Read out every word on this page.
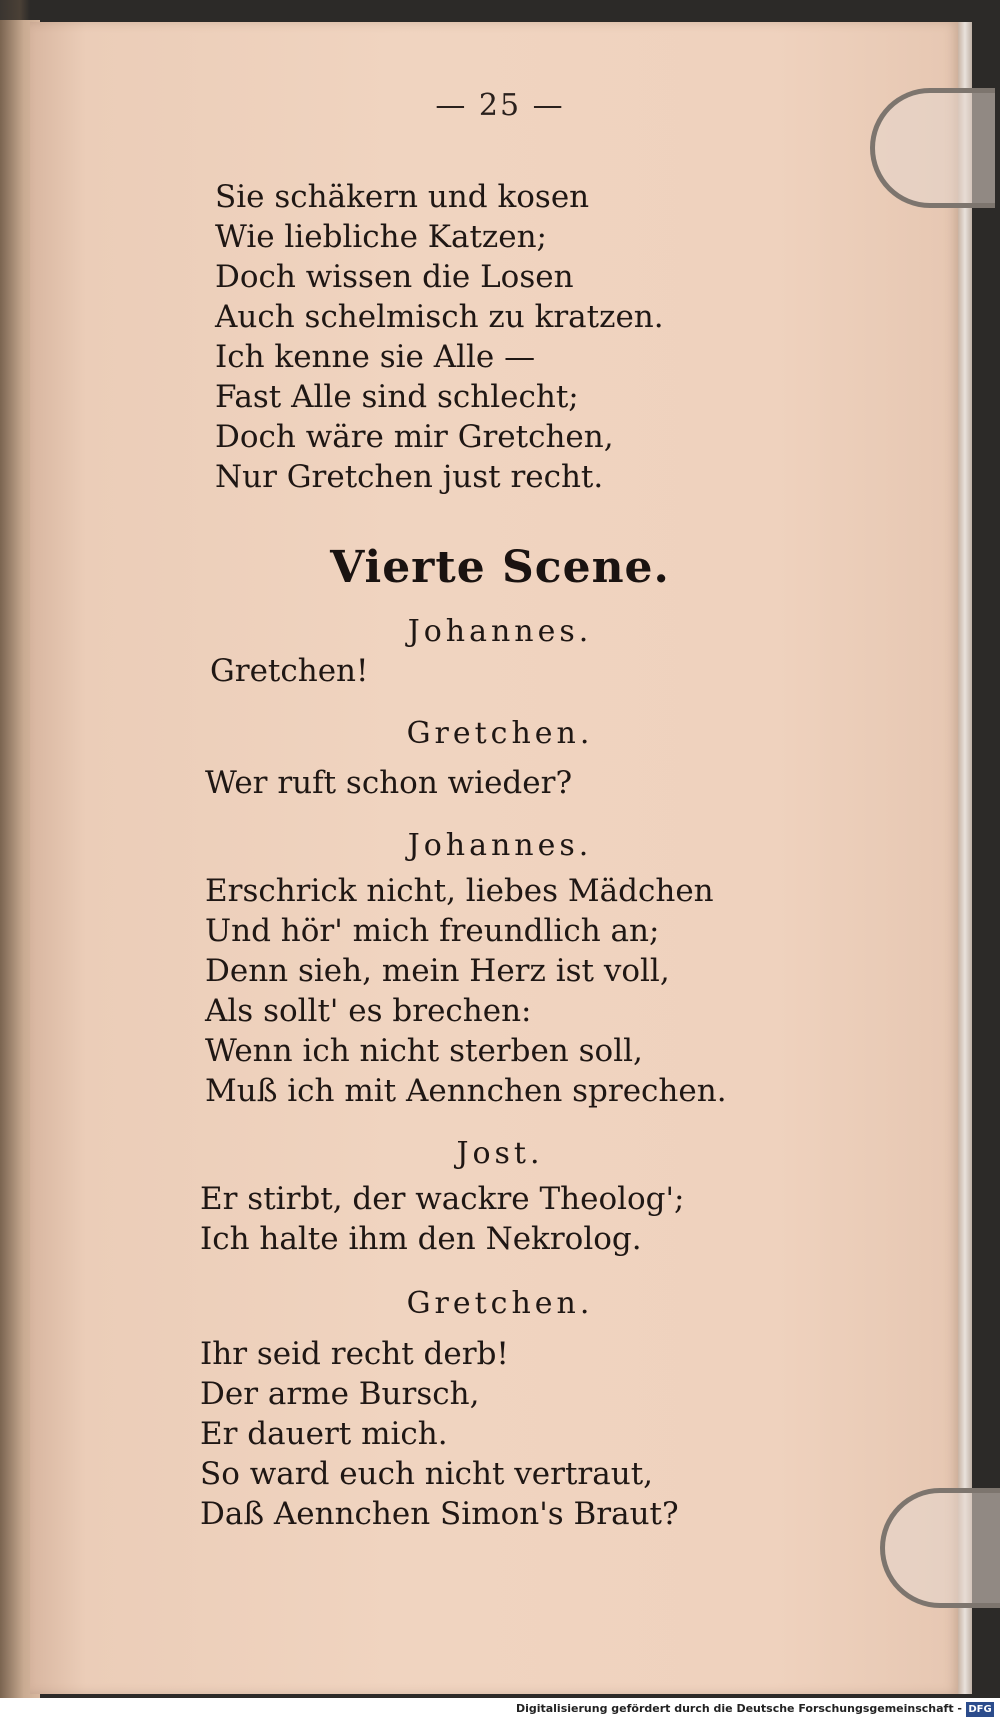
— 25 —
Sie schäkern und kosen
Wie liebliche Katzen;
Doch wissen die Losen
Auch schelmisch zu kratzen.
Ich kenne sie Alle —
Fast Alle sind schlecht;
Doch wäre mir Gretchen,
Nur Gretchen just recht.
Vierte Scene.
Johannes.
Gretchen!
Gretchen.
Wer ruft schon wieder?
Johannes.
Erschrick nicht, liebes Mädchen
Und hör' mich freundlich an;
Denn sieh, mein Herz ist voll,
Als sollt' es brechen:
Wenn ich nicht sterben soll,
Muß ich mit Aennchen sprechen.
Jost.
Er stirbt, der wackre Theolog';
Ich halte ihm den Nekrolog.
Gretchen.
Ihr seid recht derb!
Der arme Bursch,
Er dauert mich.
So ward euch nicht vertraut,
Daß Aennchen Simon's Braut?
Digitalisierung gefördert durch die Deutsche Forschungsgemeinschaft - DFG
